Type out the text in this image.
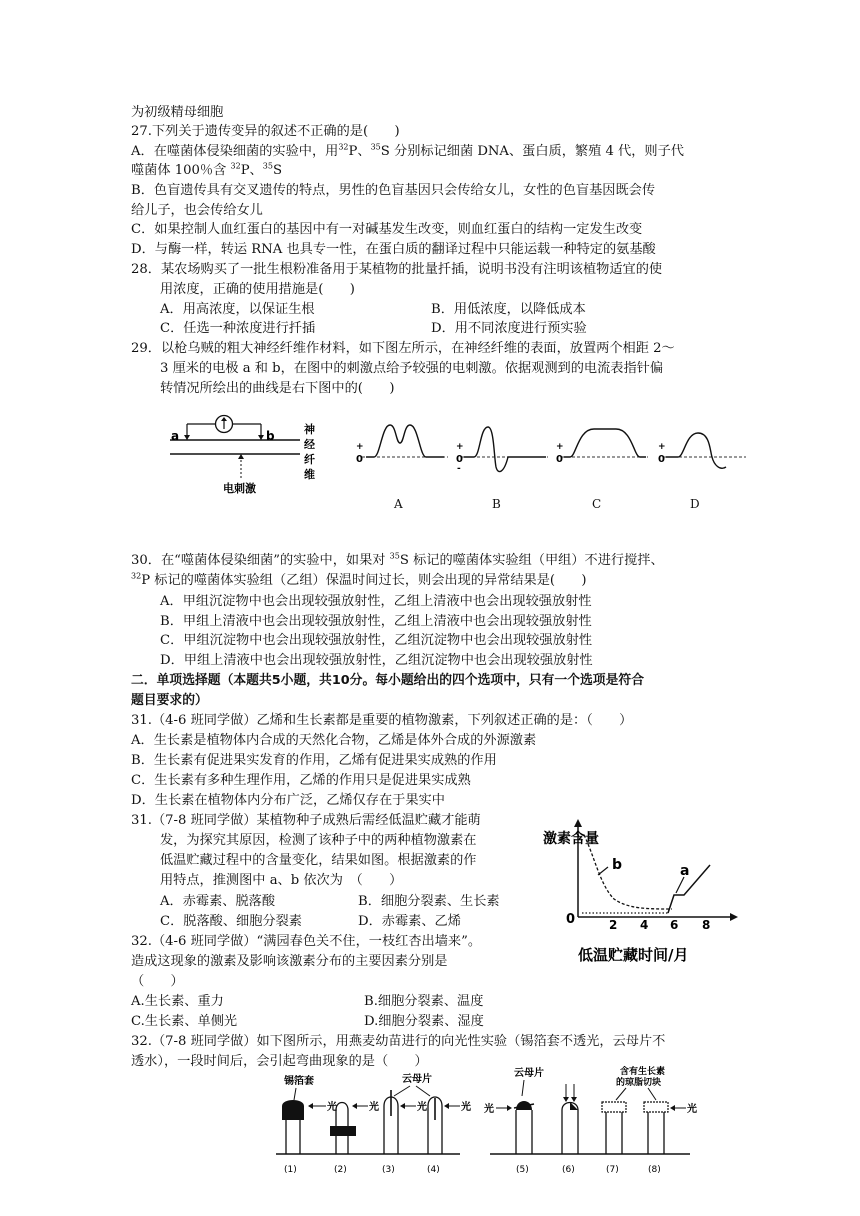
为初级精母细胞
27.下列关于遗传变异的叙述不正确的是(　　)
A．在噬菌体侵染细菌的实验中，用$^{32}$P、$^{35}$S 分别标记细菌 DNA、蛋白质，繁殖 4 代，则子代
噬菌体 100％含 $^{32}$P、$^{35}$S
B．色盲遗传具有交叉遗传的特点，男性的色盲基因只会传给女儿，女性的色盲基因既会传
给儿子，也会传给女儿
C．如果控制人血红蛋白的基因中有一对碱基发生改变，则血红蛋白的结构一定发生改变
D．与酶一样，转运 RNA 也具专一性，在蛋白质的翻译过程中只能运载一种特定的氨基酸
28．某农场购买了一批生根粉准备用于某植物的批量扦插，说明书没有注明该植物适宜的使
用浓度，正确的使用措施是(　　)
A．用高浓度，以保证生根	B．用低浓度，以降低成本
C．任选一种浓度进行扦插	D．用不同浓度进行预实验
29．以枪乌贼的粗大神经纤维作材料，如下图左所示，在神经纤维的表面，放置两个相距 2～
3 厘米的电极 a 和 b，在图中的刺激点给予较强的电刺激。依据观测到的电流表指针偏
转情况所绘出的曲线是右下图中的(　　)
a	b
电刺激
神
经
纤
维
+
0
+
0
-
+
0
+
0
A	B	C	D
30．在“噬菌体侵染细菌”的实验中，如果对 $^{35}$S 标记的噬菌体实验组（甲组）不进行搅拌、
$^{32}$P 标记的噬菌体实验组（乙组）保温时间过长，则会出现的异常结果是(　　)
A．甲组沉淀物中也会出现较强放射性，乙组上清液中也会出现较强放射性
B．甲组上清液中也会出现较强放射性，乙组上清液中也会出现较强放射性
C．甲组沉淀物中也会出现较强放射性，乙组沉淀物中也会出现较强放射性
D．甲组上清液中也会出现较强放射性，乙组沉淀物中也会出现较强放射性
二．单项选择题（本题共5小题，共10分。每小题给出的四个选项中，只有一个选项是符合
题目要求的）
31.（4-6 班同学做）乙烯和生长素都是重要的植物激素，下列叙述正确的是：（　　）
A．生长素是植物体内合成的天然化合物，乙烯是体外合成的外源激素
B．生长素有促进果实发育的作用，乙烯有促进果实成熟的作用
C．生长素有多种生理作用，乙烯的作用只是促进果实成熟
D．生长素在植物体内分布广泛，乙烯仅存在于果实中
31.（7-8 班同学做）某植物种子成熟后需经低温贮藏才能萌
发，为探究其原因，检测了该种子中的两种植物激素在
低温贮藏过程中的含量变化，结果如图。根据激素的作
用特点，推测图中 a、b 依次为　（　　）
A．赤霉素、脱落酸	B．细胞分裂素、生长素
C．脱落酸、细胞分裂素	D．赤霉素、乙烯
激素含量
0	2 4 6 8
b	a
低温贮藏时间/月
32.（4-6 班同学做）“满园春色关不住，一枝红杏出墙来”。
造成这现象的激素及影响该激素分布的主要因素分别是
（　　）
A.生长素、重力	B.细胞分裂素、温度
C.生长素、单侧光	D.细胞分裂素、湿度
32.（7-8 班同学做）如下图所示，用燕麦幼苗进行的向光性实验（锡箔套不透光，云母片不
透水），一段时间后，会引起弯曲现象的是（　　）
锡箔套
光	光
云母片
光	光
云母片
光
含有生长素
的琼脂切块
光
(1)	(2)	(3)	(4)	(5)	(6)	(7)	(8)
